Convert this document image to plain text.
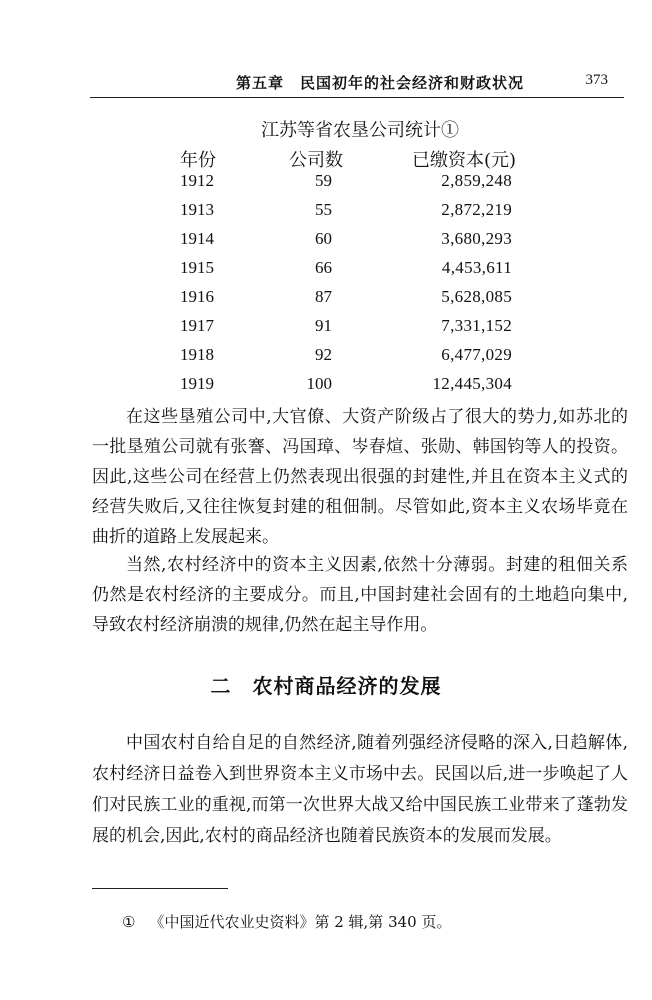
第五章　民国初年的社会经济和财政状况	373
江苏等省农垦公司统计①
年份	公司数	已缴资本(元)
1912	59	2,859,248
1913	55	2,872,219
1914	60	3,680,293
1915	66	4,453,611
1916	87	5,628,085
1917	91	7,331,152
1918	92	6,477,029
1919	100	12,445,304
在这些垦殖公司中,大官僚、大资产阶级占了很大的势力,如苏北的一批垦殖公司就有张謇、冯国璋、岑春煊、张勋、韩国钧等人的投资。因此,这些公司在经营上仍然表现出很强的封建性,并且在资本主义式的经营失败后,又往往恢复封建的租佃制。尽管如此,资本主义农场毕竟在曲折的道路上发展起来。
当然,农村经济中的资本主义因素,依然十分薄弱。封建的租佃关系仍然是农村经济的主要成分。而且,中国封建社会固有的土地趋向集中,导致农村经济崩溃的规律,仍然在起主导作用。
二　农村商品经济的发展
中国农村自给自足的自然经济,随着列强经济侵略的深入,日趋解体,农村经济日益卷入到世界资本主义市场中去。民国以后,进一步唤起了人们对民族工业的重视,而第一次世界大战又给中国民族工业带来了蓬勃发展的机会,因此,农村的商品经济也随着民族资本的发展而发展。
① 《中国近代农业史资料》第 2 辑,第 340 页。
